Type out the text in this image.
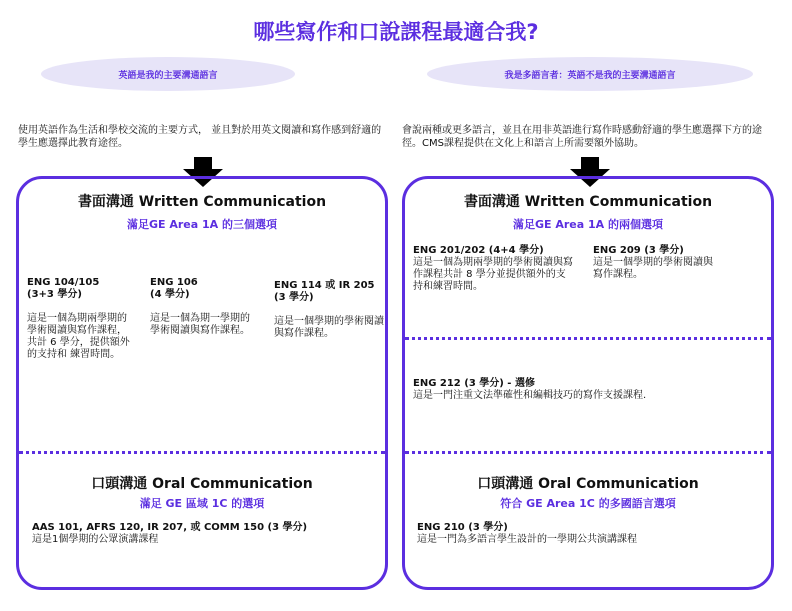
哪些寫作和口說課程最適合我?
英語是我的主要溝通語言	我是多語言者：英語不是我的主要溝通語言
使用英語作為生活和學校交流的主要方式， 並且對於用英文閱讀和寫作感到舒適的學生應選擇此教育途徑。
會說兩種或更多語言，並且在用非英語進行寫作時感動舒適的學生應選擇下方的途徑。CMS課程提供在文化上和語言上所需要額外協助。
書面溝通 Written Communication
滿足GE Area 1A 的三個選項
ENG 104/105
(3+3 學分)
這是一個為期兩學期的學術閱讀與寫作課程，共計 6 學分，提供額外的支持和 練習時間。
ENG 106
(4 學分)
這是一個為期一學期的 學術閱讀與寫作課程。
ENG 114 或 IR 205
(3 學分)
這是一個學期的學術閱讀與寫作課程。
口頭溝通 Oral Communication
滿足 GE 區域 1C 的選項
AAS 101, AFRS 120, IR 207, 或 COMM 150 (3 學分)
這是1個學期的公眾演講課程
書面溝通 Written Communication
滿足GE Area 1A 的兩個選項
ENG 201/202 (4+4 學分)
這是一個為期兩學期的學術閱讀與寫作課程共計 8 學分並提供額外的支持和練習時間。
ENG 209 (3 學分)
這是一個學期的學術閱讀與寫作課程。
ENG 212 (3 學分) - 選修
這是一門注重文法準確性和編輯技巧的寫作支援課程.
口頭溝通 Oral Communication
符合 GE Area 1C 的多國語言選項
ENG 210 (3 學分)
這是一門為多語言學生設計的一學期公共演講課程
